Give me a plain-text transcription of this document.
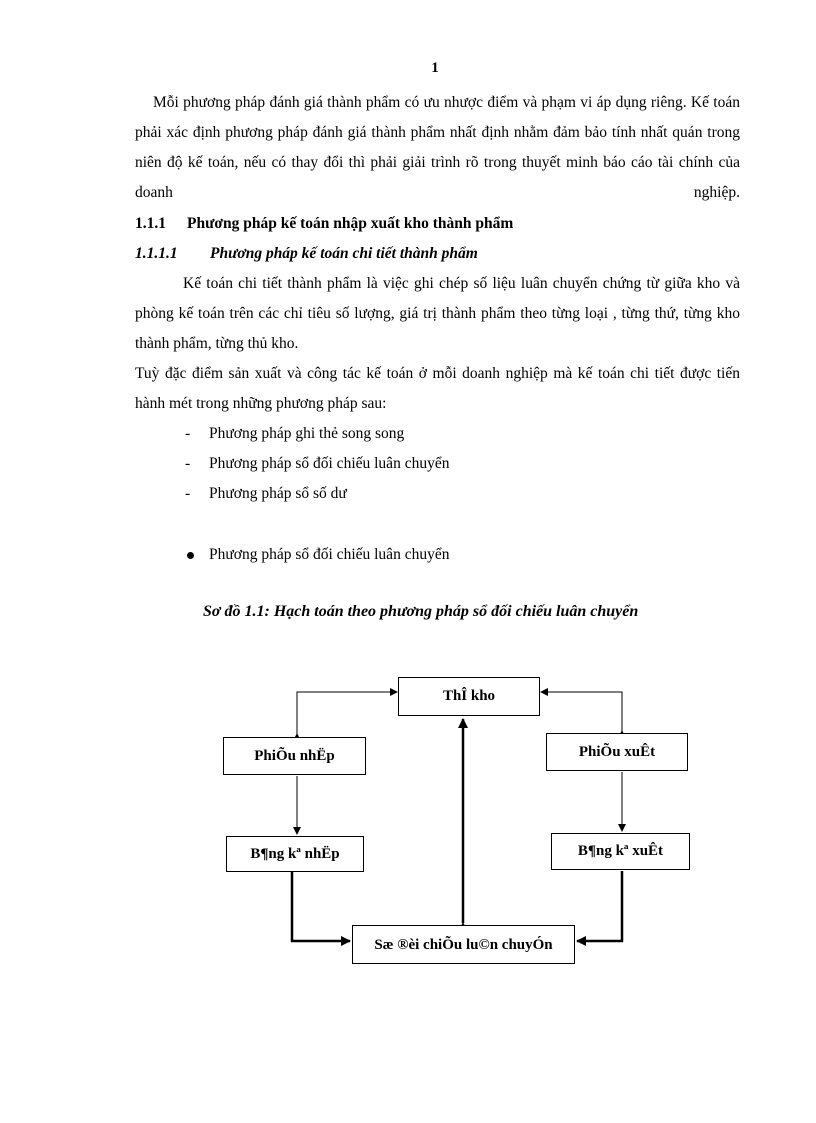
1

Mỗi phương pháp đánh giá thành phẩm có ưu nhược điểm và phạm vi áp dụng riêng. Kế toán phải xác định phương pháp đánh giá thành phẩm nhất định nhằm đảm bảo tính nhất quán trong niên độ kế toán, nếu có thay đổi thì phải giải trình rõ trong thuyết minh báo cáo tài chính của doanh nghiệp.

1.1.1 Phương pháp kế toán nhập xuất kho thành phẩm
1.1.1.1 Phương pháp kế toán chi tiết thành phẩm

Kế toán chi tiết thành phẩm là việc ghi chép số liệu luân chuyển chứng từ giữa kho và phòng kế toán trên các chỉ tiêu số lượng, giá trị thành phẩm theo từng loại , từng thứ, từng kho thành phẩm, từng thủ kho.

Tuỳ đặc điểm sản xuất và công tác kế toán ở mỗi doanh nghiệp mà kế toán chi tiết được tiến hành mét trong những phương pháp sau:

- Phương pháp ghi thẻ song song
- Phương pháp sổ đối chiếu luân chuyển
- Phương pháp sổ số dư
Phương pháp sổ đối chiếu luân chuyển
Sơ đồ 1.1: Hạch toán theo phương pháp sổ đối chiếu luân chuyển
ThÎ kho
PhiÕu nhËp	PhiÕu xuÊt
B¶ng kª nhËp	B¶ng kª xuÊt
Sæ ®èi chiÕu lu©n chuyÓn
